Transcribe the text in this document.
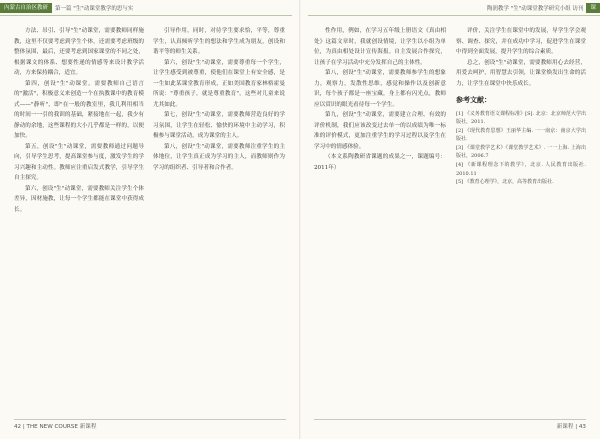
內蒙古自治区教研	第一篇 "生"动课堂教学的思与实	陶润教学 "生"动课堂教学研究小组 访刊	课

方法、吊引、引导"生"动课堂，需要教师同样施教，这里不仅要考虑到学生个体，还需要考虑班级的整体氛围，最后，还要考虑到国家课堂的不同之处，根据课文的体系、想要性递的情感等来设计教学活动，方来保持耦合，适宜。

第四，创设"生"动课堂，需要教师自己语言的"激活"，积极意义来创造一个在执教课中的教育模式——"静听"，即"在一般的教室里，我几利用相当的时间一一引的我训的基础，紧接地在一起，我少有静动的余地，这些课程的大小几乎都是一样的，以便加快。

第五，创设"生"动课堂，需要教师通过问题导向，引导学生思考，提高课堂参与度，激发学生的学习兴趣和主动性。教师应注重启发式教学，引导学生自主探究。

第六，创设"生"动课堂，需要教师关注学生个体差异，因材施教，让每一个学生都能在课堂中获得成长。

引导作用，同时，对待学生要求恰，平等，尊重学生，认真倾听学生的想法和学生成为朋友，创设和谐平等的师生关系。

第六，创设"生"动课堂，需要尊重每一个学生，让学生感受到被尊重，使他们在课堂上有安全感，是一生如此某课堂教育形成，正如美国教育家林格霍曼所说："尊重孩子，就是尊重教育"，这些对儿童来说尤其如此。

第七，创设"生"动课堂，需要教师营造良好的学习氛围，让学生在轻松、愉快的环境中主动学习，积极参与课堂活动，成为课堂的主人。

第八，创设"生"动课堂，需要教师注重学生的主体地位，让学生真正成为学习的主人，而教师则作为学习的组织者、引导者和合作者。

性作用，例如，在学习五年级上册语文《真由相处》这篇文章时，我就创设情境，让学生以小组为单位，为真由相处设计宣传海报。自主发展合作探究，让孩子在学习活动中充分发挥自己的主体性。

第八，创设"生"动课堂，需要教师参学生的想象力，观察力，发散性思维，感觉和操作以及创新意识，每个孩子都是一座宝藏，身上都有闪光点，教师应以赏识的眼光看待每一个学生。

第九，创设"生"动课堂，需要建立合理、有效的评价机制，我们应该改变过去单一的以成绩为唯一标准的评价模式，更加注重学生的学习过程以及学生在学习中的情感体验。

（本文系陶教研省课题的成果之一，课题编号：2011年）

评价，关注学生在课堂中的发展，导学生学会观察、调查、探究，并在成功中学习，促进学生在课堂中得到全面发展，提升学生的综合素质。

总之，创设"生"动课堂，需要教师用心去经营，用爱去呵护，用智慧去引领，让课堂焕发出生命的活力，让学生在课堂中快乐成长。

参考文献：
[1] 《义务教育语文课程标准》[S]. 北京：北京师范大学出版社，2011.
[2] 《现代教育思想》王丽华主编. 一一南京：南京大学出版社.
[3] 《课堂教学艺术》《课堂教学艺术》. 一一上海. 上海出版社，2006.7
[4] 《新课程理念下的教学》，北京. 人民教育出版社. 2010.11
[5] 《教育心理学》，北京，高等教育出版社.
42 | THE NEW COURSE 新课程	新课程 | 43
